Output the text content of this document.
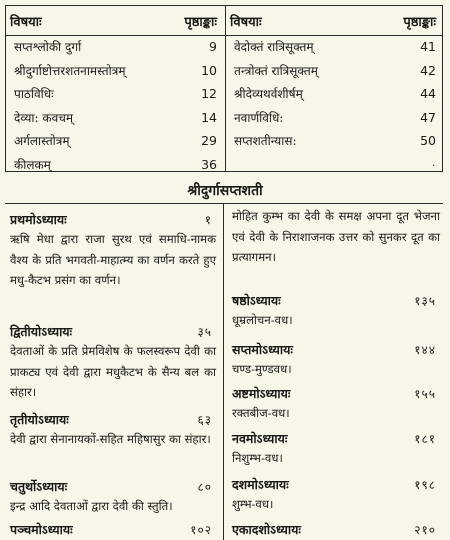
विषयाः	पृष्ठाङ्काः
सप्तश्लोकी दुर्गा	9
श्रीदुर्गाष्टोत्तरशतनामस्तोत्रम्	10
पाठविधिः	12
देव्या: कवचम्	14
अर्गलास्तोत्रम्	29
कीलकम्	36
विषयाः	पृष्ठाङ्काः
वेदोक्तं रात्रिसूक्तम्	41
तन्त्रोक्तं रात्रिसूक्तम्	42
श्रीदेव्यथर्वशीर्षम्	44
नवार्णविधि:	47
सप्तशतीन्यास:	50
.
श्रीदुर्गासप्तशती
प्रथमोऽध्यायः	१
ऋषि मेधा द्वारा राजा सुरथ एवं समाधि-नामक वैश्य के प्रति भगवती-माहात्म्य का वर्णन करते हुए मधु-कैटभ प्रसंग का वर्णन।
द्वितीयोऽध्यायः	३५
देवताओं के प्रति प्रेमविशेष के फलस्वरूप देवी का प्राकट्य एवं देवी द्वारा मधुकैटभ के सैन्य बल का संहार।
तृतीयोऽध्यायः	६३
देवी द्वारा सेनानायकों-सहित महिषासुर का संहार।
चतुर्थोऽध्यायः	८०
इन्द्र आदि देवताओं द्वारा देवी की स्तुति।
पञ्चमोऽध्यायः	१०२
मोहित कुम्भ का देवी के समक्ष अपना दूत भेजना एवं देवी के निराशाजनक उत्तर को सुनकर दूत का प्रत्यागमन।
षष्ठोऽध्यायः	१३५
धूम्रलोचन-वध।
सप्तमोऽध्यायः	१४४
चण्ड-मुण्डवध।
अष्टमोऽध्यायः	१५५
रक्तबीज-वध।
नवमोऽध्यायः	१८१
निशुम्भ-वध।
दशमोऽध्यायः	१९८
शुम्भ-वध।
एकादशोऽध्यायः	२१०
